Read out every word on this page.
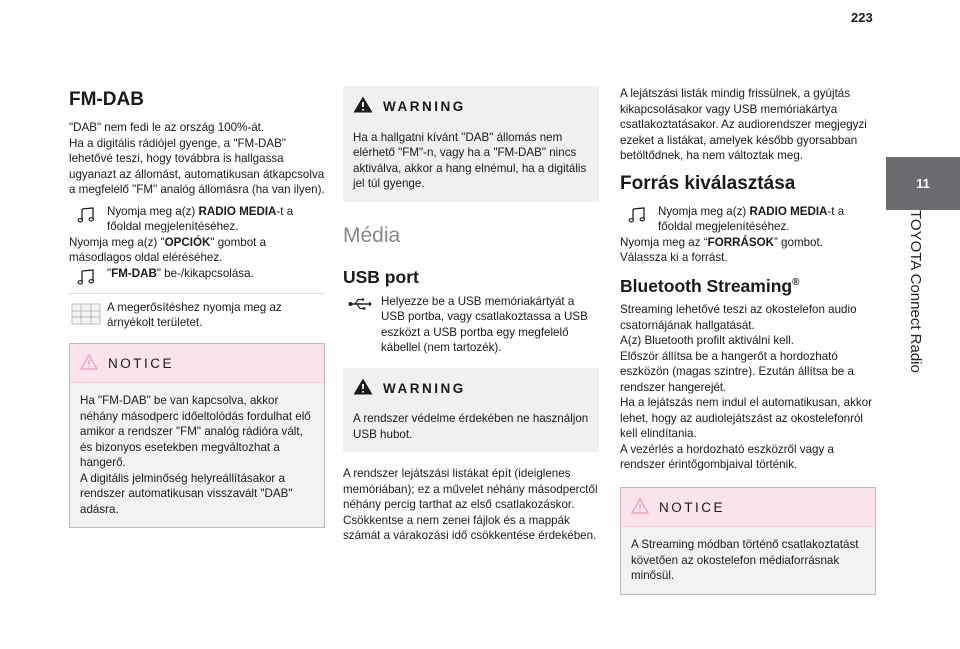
223
11
TOYOTA Connect Radio
FM-DAB

"DAB" nem fedi le az ország 100%-át.
Ha a digitális rádiójel gyenge, a "FM-DAB" lehetővé teszi, hogy továbbra is hallgassa ugyanazt az állomást, automatikusan átkapcsolva a megfelelő "FM" analóg állomásra (ha van ilyen).

Nyomja meg a(z) RADIO MEDIA-t a főoldal megjelenítéséhez.

Nyomja meg a(z) "OPCIÓK" gombot a másodlagos oldal eléréséhez.

"FM-DAB" be-/kikapcsolása.
A megerősítéshez nyomja meg az árnyékolt területet.
NOTICE

Ha "FM-DAB" be van kapcsolva, akkor néhány másodperc időeltolódás fordulhat elő amikor a rendszer "FM" analóg rádióra vált, és bizonyos esetekben megváltozhat a hangerő.
A digitális jelminőség helyreállításakor a rendszer automatikusan visszavált "DAB" adásra.

WARNING

Ha a hallgatni kívánt "DAB" állomás nem elérhető "FM"-n, vagy ha a "FM-DAB" nincs aktiválva, akkor a hang elnémul, ha a digitális jel túl gyenge.

Média
USB port
Helyezze be a USB memóriakártyát a USB portba, vagy csatlakoztassa a USB eszközt a USB portba egy megfelelő kábellel (nem tartozék).
WARNING

A rendszer védelme érdekében ne használjon USB hubot.

A rendszer lejátszási listákat épít (ideiglenes memóriában); ez a művelet néhány másodperctől néhány percig tarthat az első csatlakozáskor.
Csökkentse a nem zenei fájlok és a mappák számát a várakozási idő csökkentése érdekében.

A lejátszási listák mindig frissülnek, a gyújtás kikapcsolásakor vagy USB memóriakártya csatlakoztatásakor. Az audiorendszer megjegyzi ezeket a listákat, amelyek később gyorsabban betöltődnek, ha nem változtak meg.

Forrás kiválasztása
Nyomja meg a(z) RADIO MEDIA-t a főoldal megjelenítéséhez.

Nyomja meg az “FORRÁSOK” gombot.

Válassza ki a forrást.

Bluetooth Streaming®

Streaming lehetővé teszi az okostelefon audio csatornájának hallgatását.
A(z) Bluetooth profilt aktiválni kell.
Először állítsa be a hangerőt a hordozható eszközön (magas szintre). Ezután állítsa be a rendszer hangerejét.
Ha a lejátszás nem indul el automatikusan, akkor lehet, hogy az audiolejátszást az okostelefonról kell elindítania.
A vezérlés a hordozható eszközről vagy a rendszer érintőgombjaival történik.

NOTICE

A Streaming módban történő csatlakoztatást követően az okostelefon médiaforrásnak minősül.
